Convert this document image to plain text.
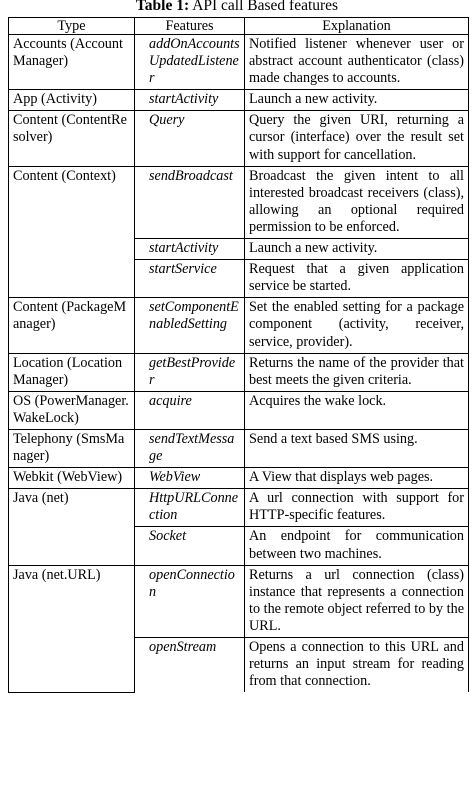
Table 1: API call Based features
Type	Features	Explanation
Accounts (AccountManager)	addOnAccountsUpdatedListener	Notified listener whenever user or abstract account authenticator (class) made changes to accounts.
App (Activity)	startActivity	Launch a new activity.
Content (ContentResolver)	Query	Query the given URI, returning a cursor (interface) over the result set with support for cancellation.
Content (Context)	sendBroadcast	Broadcast the given intent to all interested broadcast receivers (class), allowing an optional required permission to be enforced.
	startActivity	Launch a new activity.
	startService	Request that a given application service be started.
Content (PackageManager)	setComponentEnabledSetting	Set the enabled setting for a package component (activity, receiver, service, provider).
Location (LocationManager)	getBestProvider	Returns the name of the provider that best meets the given criteria.
OS (PowerManager.WakeLock)	acquire	Acquires the wake lock.
Telephony (SmsManager)	sendTextMessage	Send a text based SMS using.
Webkit (WebView)	WebView	A View that displays web pages.
Java (net)	HttpURLConnection	A url connection with support for HTTP-specific features.
	Socket	An endpoint for communication between two machines.
Java (net.URL)	openConnection	Returns a url connection (class) instance that represents a connection to the remote object referred to by the URL.
	openStream	Opens a connection to this URL and returns an input stream for reading from that connection.
